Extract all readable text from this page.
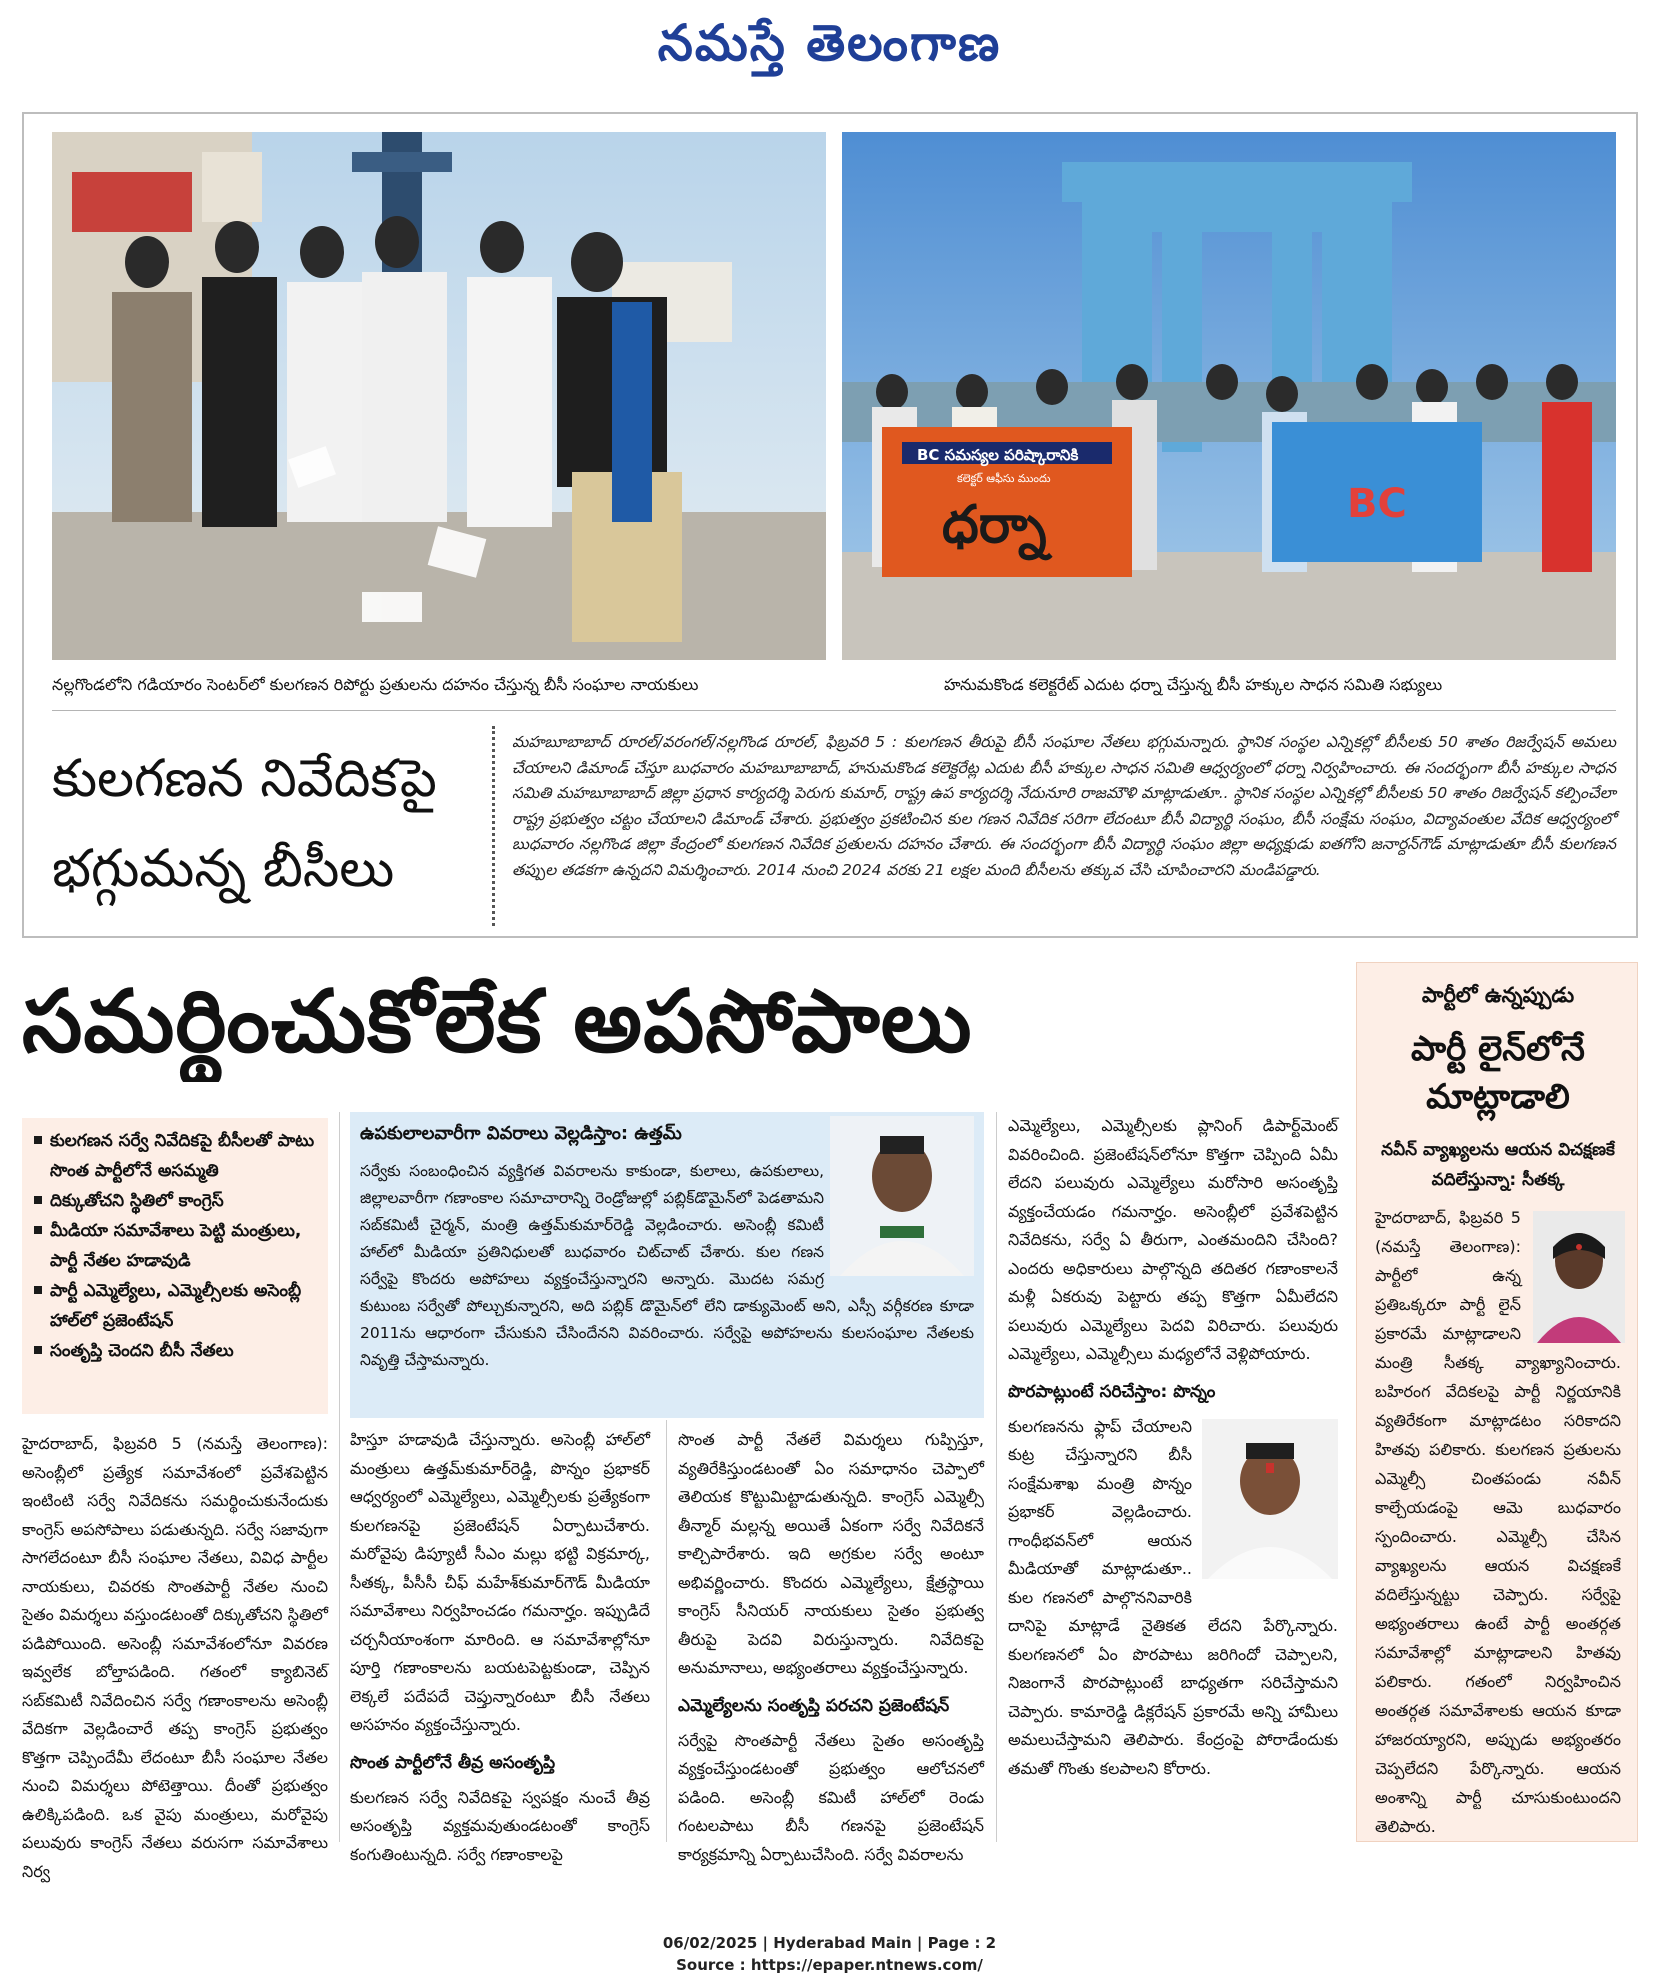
నమస్తే తెలంగాణ
BC సమస్యల పరిష్కారానికి
కలెక్టర్ ఆఫీసు ముందు
ధర్నా	BC
నల్లగొండలోని గడియారం సెంటర్‌లో కులగణన రిపోర్టు ప్రతులను దహనం చేస్తున్న బీసీ సంఘాల నాయకులు	హనుమకొండ కలెక్టరేట్‌ ఎదుట ధర్నా చేస్తున్న బీసీ హక్కుల సాధన సమితి సభ్యులు
కులగణన నివేదికపై
భగ్గుమన్న బీసీలు
మహబూబాబాద్‌ రూరల్‌/వరంగల్‌/నల్లగొండ రూరల్‌, ఫిబ్రవరి 5 : కులగణన తీరుపై బీసీ సంఘాల నేతలు భగ్గుమన్నారు. స్థానిక సంస్థల ఎన్నికల్లో బీసీలకు 50 శాతం రిజర్వేషన్‌ అమలు చేయాలని డిమాండ్‌ చేస్తూ బుధవారం మహబూబాబాద్‌, హనుమకొండ కలెక్టరేట్ల ఎదుట బీసీ హక్కుల సాధన సమితి ఆధ్వర్యంలో ధర్నా నిర్వహించారు. ఈ సందర్భంగా బీసీ హక్కుల సాధన సమితి మహబూబాబాద్‌ జిల్లా ప్రధాన కార్యదర్శి పెరుగు కుమార్‌, రాష్ట్ర ఉప కార్యదర్శి నేదునూరి రాజమౌళి మాట్లాడుతూ.. స్థానిక సంస్థల ఎన్నికల్లో బీసీలకు 50 శాతం రిజర్వేషన్‌ కల్పించేలా రాష్ట్ర ప్రభుత్వం చట్టం చేయాలని డిమాండ్‌ చేశారు. ప్రభుత్వం ప్రకటించిన కుల గణన నివేదిక సరిగా లేదంటూ బీసీ విద్యార్థి సంఘం, బీసీ సంక్షేమ సంఘం, విద్యావంతుల వేదిక ఆధ్వర్యంలో బుధవారం నల్లగొండ జిల్లా కేంద్రంలో కులగణన నివేదిక ప్రతులను దహనం చేశారు. ఈ సందర్భంగా బీసీ విద్యార్థి సంఘం జిల్లా అధ్యక్షుడు ఐతగోని జనార్దన్‌గౌడ్‌ మాట్లాడుతూ బీసీ కులగణన తప్పుల తడకగా ఉన్నదని విమర్శించారు. 2014 నుంచి 2024 వరకు 21 లక్షల మంది బీసీలను తక్కువ చేసి చూపించారని మండిపడ్డారు.
సమర్థించుకోలేక అపసోపాలు
కులగణన సర్వే నివేదికపై బీసీలతో పాటు సొంత పార్టీలోనే అసమ్మతి
దిక్కుతోచని స్థితిలో కాంగ్రెస్‌
మీడియా సమావేశాలు పెట్టి మంత్రులు, పార్టీ నేతల హడావుడి
పార్టీ ఎమ్మెల్యేలు, ఎమ్మెల్సీలకు అసెంబ్లీ హాల్‌లో ప్రజెంటేషన్‌
సంతృప్తి చెందని బీసీ నేతలు
ఉపకులాలవారీగా వివరాలు వెల్లడిస్తాం: ఉత్తమ్‌
సర్వేకు సంబంధించిన వ్యక్తిగత వివరాలను కాకుండా, కులాలు, ఉపకులాలు, జిల్లాలవారీగా గణాంకాల సమాచారాన్ని రెండ్రోజుల్లో పబ్లిక్‌డొమైన్‌లో పెడతామని సబ్‌కమిటీ చైర్మన్‌, మంత్రి ఉత్తమ్‌కుమార్‌రెడ్డి వెల్లడించారు. అసెంబ్లీ కమిటీ హాల్‌లో మీడియా ప్రతినిధులతో బుధవారం చిట్‌చాట్‌ చేశారు. కుల గణన సర్వేపై కొందరు అపోహలు వ్యక్తంచేస్తున్నారని అన్నారు. మొదట సమగ్ర కుటుంబ సర్వేతో పోల్చుకున్నారని, అది పబ్లిక్‌ డొమైన్‌లో లేని డాక్యుమెంట్‌ అని, ఎస్సీ వర్గీకరణ కూడా 2011ను ఆధారంగా చేసుకుని చేసిందేనని వివరించారు. సర్వేపై అపోహలను కులసంఘాల నేతలకు నివృత్తి చేస్తామన్నారు.
హైదరాబాద్‌, ఫిబ్రవరి 5 (నమస్తే తెలంగాణ): అసెంబ్లీలో ప్రత్యేక సమావేశంలో ప్రవేశపెట్టిన ఇంటింటి సర్వే నివేదికను సమర్థించుకునేందుకు కాంగ్రెస్‌ అపసోపాలు పడుతున్నది. సర్వే సజావుగా సాగలేదంటూ బీసీ సంఘాల నేతలు, వివిధ పార్టీల నాయకులు, చివరకు సొంతపార్టీ నేతల నుంచి సైతం విమర్శలు వస్తుండటంతో దిక్కుతోచని స్థితిలో పడిపోయింది. అసెంబ్లీ సమావేశంలోనూ వివరణ ఇవ్వలేక బోల్తాపడింది. గతంలో క్యాబినెట్‌ సబ్‌కమిటీ నివేదించిన సర్వే గణాంకాలను అసెంబ్లీ వేదికగా వెల్లడించారే తప్ప కాంగ్రెస్‌ ప్రభుత్వం కొత్తగా చెప్పిందేమీ లేదంటూ బీసీ సంఘాల నేతల నుంచి విమర్శలు పోటెత్తాయి. దీంతో ప్రభుత్వం ఉలిక్కిపడింది. ఒక వైపు మంత్రులు, మరోవైపు పలువురు కాంగ్రెస్‌ నేతలు వరుసగా సమావేశాలు నిర్వ
హిస్తూ హడావుడి చేస్తున్నారు. అసెంబ్లీ హాల్‌లో మంత్రులు ఉత్తమ్‌కుమార్‌రెడ్డి, పొన్నం ప్రభాకర్‌ ఆధ్వర్యంలో ఎమ్మెల్యేలు, ఎమ్మెల్సీలకు ప్రత్యేకంగా కులగణనపై ప్రజెంటేషన్‌ ఏర్పాటుచేశారు. మరోవైపు డిప్యూటీ సీఎం మల్లు భట్టి విక్రమార్క, సీతక్క, పీసీసీ చీఫ్‌ మహేశ్‌కుమార్‌గౌడ్‌ మీడియా సమావేశాలు నిర్వహించడం గమనార్హం. ఇప్పుడిదే చర్చనీయాంశంగా మారింది. ఆ సమావేశాల్లోనూ పూర్తి గణాంకాలను బయటపెట్టకుండా, చెప్పిన లెక్కలే పదేపదే చెప్తున్నారంటూ బీసీ నేతలు అసహనం వ్యక్తంచేస్తున్నారు.
సొంత పార్టీలోనే తీవ్ర అసంతృప్తి
కులగణన సర్వే నివేదికపై స్వపక్షం నుంచే తీవ్ర అసంతృప్తి వ్యక్తమవుతుండటంతో కాంగ్రెస్‌ కంగుతింటున్నది. సర్వే గణాంకాలపై
సొంత పార్టీ నేతలే విమర్శలు గుప్పిస్తూ, వ్యతిరేకిస్తుండటంతో ఏం సమాధానం చెప్పాలో తెలియక కొట్టుమిట్టాడుతున్నది. కాంగ్రెస్‌ ఎమ్మెల్సీ తీన్మార్‌ మల్లన్న అయితే ఏకంగా సర్వే నివేదికనే కాల్చిపారేశారు. ఇది అగ్రకుల సర్వే అంటూ అభివర్ణించారు. కొందరు ఎమ్మెల్యేలు, క్షేత్రస్థాయి కాంగ్రెస్‌ సీనియర్‌ నాయకులు సైతం ప్రభుత్వ తీరుపై పెదవి విరుస్తున్నారు. నివేదికపై అనుమానాలు, అభ్యంతరాలు వ్యక్తంచేస్తున్నారు.
ఎమ్మెల్యేలను సంతృప్తి పరచని ప్రజెంటేషన్‌
సర్వేపై సొంతపార్టీ నేతలు సైతం అసంతృప్తి వ్యక్తంచేస్తుండటంతో ప్రభుత్వం ఆలోచనలో పడింది. అసెంబ్లీ కమిటీ హాల్‌లో రెండు గంటలపాటు బీసీ గణనపై ప్రజెంటేషన్‌ కార్యక్రమాన్ని ఏర్పాటుచేసింది. సర్వే వివరాలను
ఎమ్మెల్యేలు, ఎమ్మెల్సీలకు ప్లానింగ్‌ డిపార్ట్‌మెంట్‌ వివరించింది. ప్రజెంటేషన్‌లోనూ కొత్తగా చెప్పింది ఏమీ లేదని పలువురు ఎమ్మెల్యేలు మరోసారి అసంతృప్తి వ్యక్తంచేయడం గమనార్హం. అసెంబ్లీలో ప్రవేశపెట్టిన నివేదికను, సర్వే ఏ తీరుగా, ఎంతమందిని చేసింది? ఎందరు అధికారులు పాల్గొన్నది తదితర గణాంకాలనే మళ్లీ ఏకరువు పెట్టారు తప్ప కొత్తగా ఏమీలేదని పలువురు ఎమ్మెల్యేలు పెదవి విరిచారు. పలువురు ఎమ్మెల్యేలు, ఎమ్మెల్సీలు మధ్యలోనే వెళ్లిపోయారు.
పొరపాట్లుంటే సరిచేస్తాం: పొన్నం
కులగణనను ఫ్లాప్‌ చేయాలని కుట్ర చేస్తున్నారని బీసీ సంక్షేమశాఖ మంత్రి పొన్నం ప్రభాకర్‌ వెల్లడించారు. గాంధీభవన్‌లో ఆయన మీడియాతో మాట్లాడుతూ.. కుల గణనలో పాల్గొననివారికి దానిపై మాట్లాడే నైతికత లేదని పేర్కొన్నారు. కులగణనలో ఏం పొరపాటు జరిగిందో చెప్పాలని, నిజంగానే పొరపాట్లుంటే బాధ్యతగా సరిచేస్తామని చెప్పారు. కామారెడ్డి డిక్లరేషన్‌ ప్రకారమే అన్ని హామీలు అమలుచేస్తామని తెలిపారు. కేంద్రంపై పోరాడేందుకు తమతో గొంతు కలపాలని కోరారు.
పార్టీలో ఉన్నప్పుడు
పార్టీ లైన్‌లోనే మాట్లాడాలి
నవీన్‌ వ్యాఖ్యలను ఆయన విచక్షణకే వదిలేస్తున్నా: సీతక్క
హైదరాబాద్‌, ఫిబ్రవరి 5 (నమస్తే తెలంగాణ): పార్టీలో ఉన్న ప్రతిఒక్కరూ పార్టీ లైన్‌ ప్రకారమే మాట్లాడాలని మంత్రి సీతక్క వ్యాఖ్యానించారు. బహిరంగ వేదికలపై పార్టీ నిర్ణయానికి వ్యతిరేకంగా మాట్లాడటం సరికాదని హితవు పలికారు. కులగణన ప్రతులను ఎమ్మెల్సీ చింతపండు నవీన్‌ కాల్చేయడంపై ఆమె బుధవారం స్పందించారు. ఎమ్మెల్సీ చేసిన వ్యాఖ్యలను ఆయన విచక్షణకే వదిలేస్తున్నట్టు చెప్పారు. సర్వేపై అభ్యంతరాలు ఉంటే పార్టీ అంతర్గత సమావేశాల్లో మాట్లాడాలని హితవు పలికారు. గతంలో నిర్వహించిన అంతర్గత సమావేశాలకు ఆయన కూడా హాజరయ్యారని, అప్పుడు అభ్యంతరం చెప్పలేదని పేర్కొన్నారు. ఆయన అంశాన్ని పార్టీ చూసుకుంటుందని తెలిపారు.
06/02/2025 | Hyderabad Main | Page : 2
Source : https://epaper.ntnews.com/
